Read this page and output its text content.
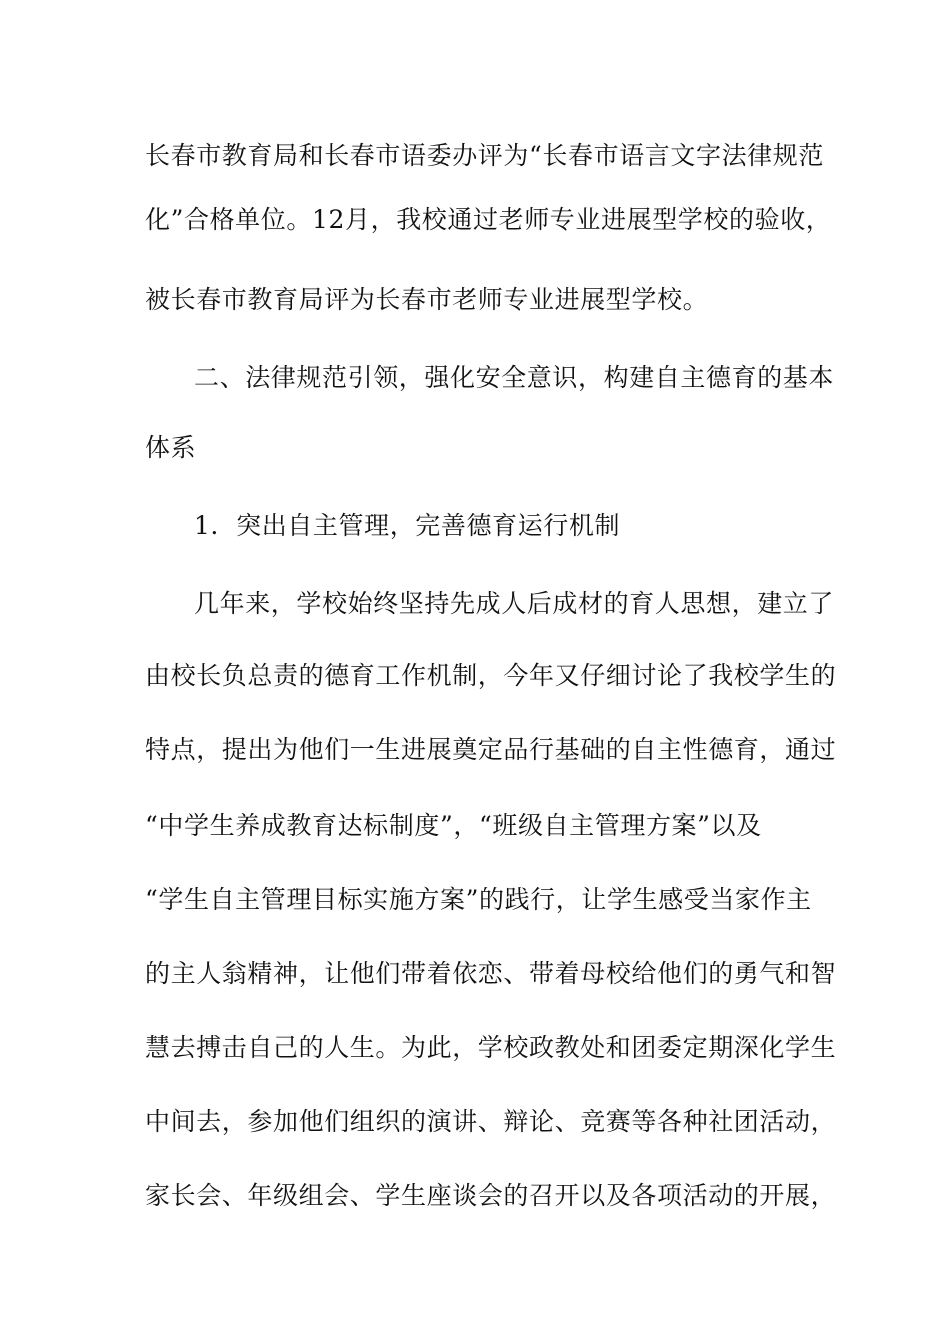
长春市教育局和长春市语委办评为“长春市语言文字法律规范
化”合格单位。12月，我校通过老师专业进展型学校的验收，
被长春市教育局评为长春市老师专业进展型学校。
二、法律规范引领，强化安全意识，构建自主德育的基本
体系
1．突出自主管理，完善德育运行机制
几年来，学校始终坚持先成人后成材的育人思想，建立了
由校长负总责的德育工作机制，今年又仔细讨论了我校学生的
特点，提出为他们一生进展奠定品行基础的自主性德育，通过
“中学生养成教育达标制度”，“班级自主管理方案”以及
“学生自主管理目标实施方案”的践行，让学生感受当家作主
的主人翁精神，让他们带着依恋、带着母校给他们的勇气和智
慧去搏击自己的人生。为此，学校政教处和团委定期深化学生
中间去，参加他们组织的演讲、辩论、竞赛等各种社团活动，
家长会、年级组会、学生座谈会的召开以及各项活动的开展，
